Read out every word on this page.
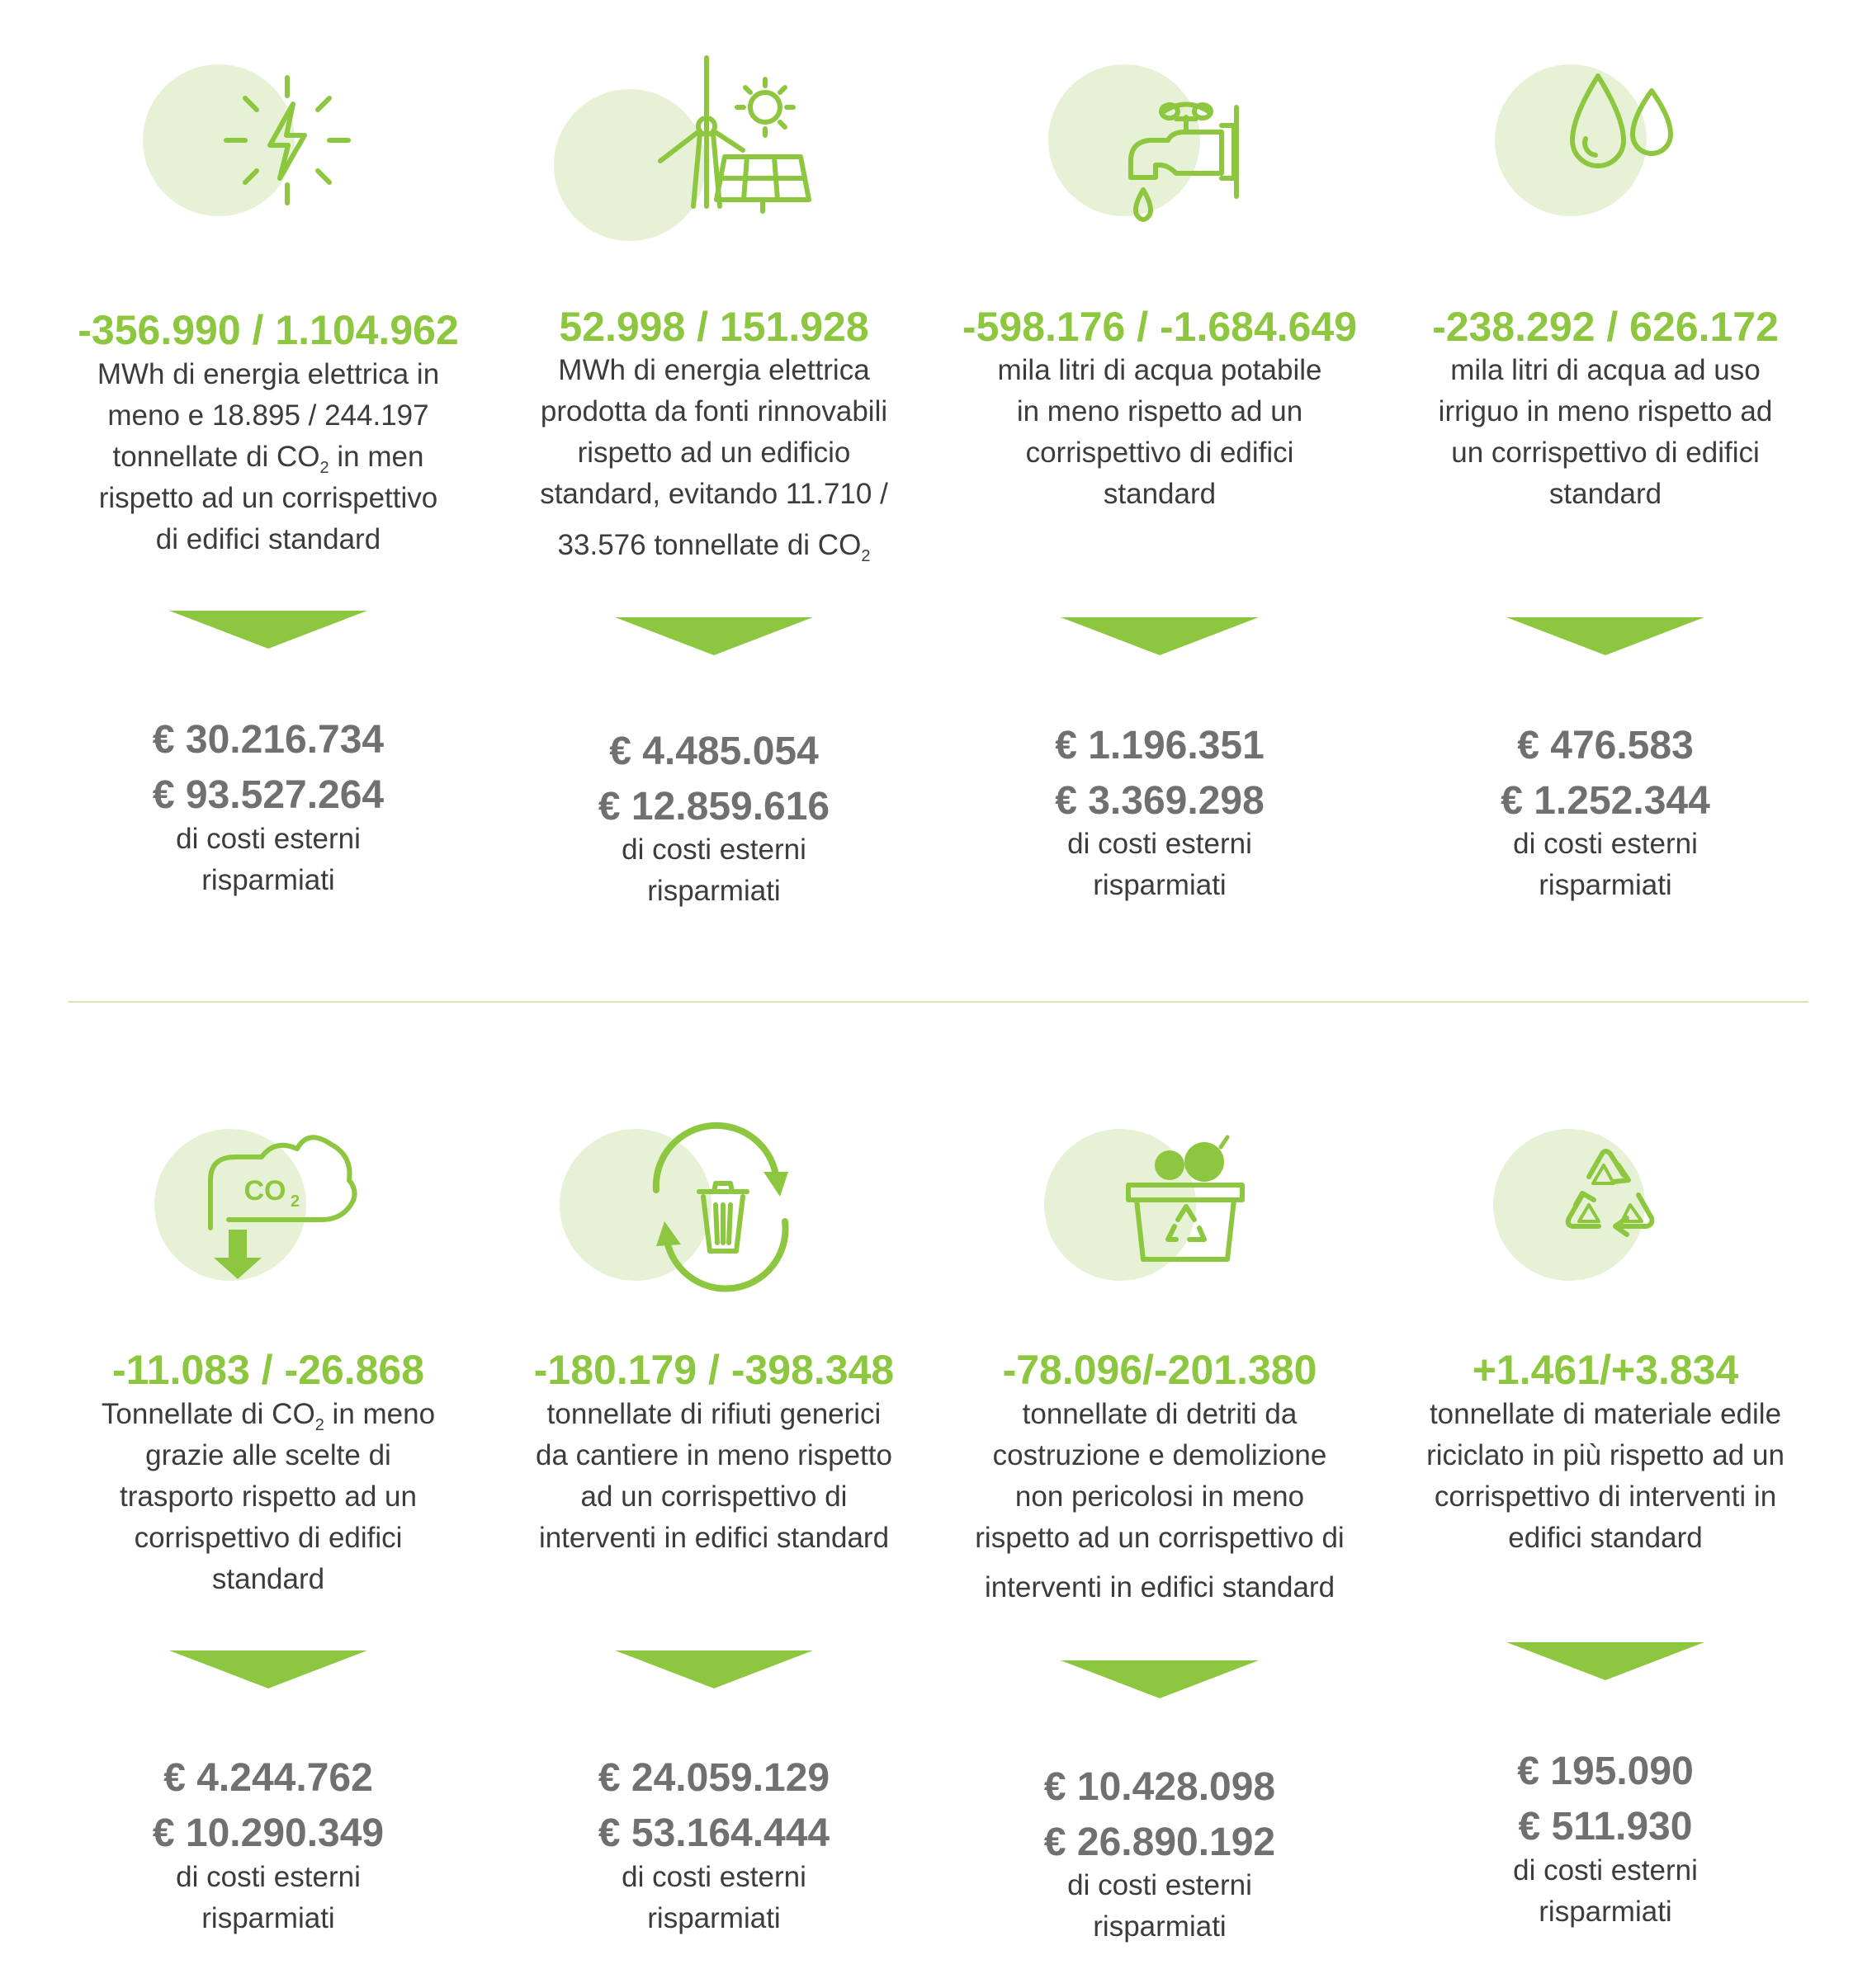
-356.990 / 1.104.962
MWh di energia elettrica in
meno e 18.895 / 244.197
tonnellate di $CO_2$ in men
rispetto ad un corrispettivo
di edifici standard
€ 30.216.734
€ 93.527.264
di costi esterni
risparmiati
52.998 / 151.928
MWh di energia elettrica
prodotta da fonti rinnovabili
rispetto ad un edificio
standard, evitando 11.710 /
33.576 tonnellate di $CO_2$
€ 4.485.054
€ 12.859.616
di costi esterni
risparmiati
-598.176 / -1.684.649
mila litri di acqua potabile
in meno rispetto ad un
corrispettivo di edifici
standard
€ 1.196.351
€ 3.369.298
di costi esterni
risparmiati
-238.292 / 626.172
mila litri di acqua ad uso
irriguo in meno rispetto ad
un corrispettivo di edifici
standard
€ 476.583
€ 1.252.344
di costi esterni
risparmiati
CO 2
-11.083 / -26.868
Tonnellate di $CO_2$ in meno
grazie alle scelte di
trasporto rispetto ad un
corrispettivo di edifici
standard
€ 4.244.762
€ 10.290.349
di costi esterni
risparmiati
-180.179 / -398.348
tonnellate di rifiuti generici
da cantiere in meno rispetto
ad un corrispettivo di
interventi in edifici standard
€ 24.059.129
€ 53.164.444
di costi esterni
risparmiati
-78.096/-201.380
tonnellate di detriti da
costruzione e demolizione
non pericolosi in meno
rispetto ad un corrispettivo di
interventi in edifici standard
€ 10.428.098
€ 26.890.192
di costi esterni
risparmiati
+1.461/+3.834
tonnellate di materiale edile
riciclato in più rispetto ad un
corrispettivo di interventi in
edifici standard
€ 195.090
€ 511.930
di costi esterni
risparmiati
